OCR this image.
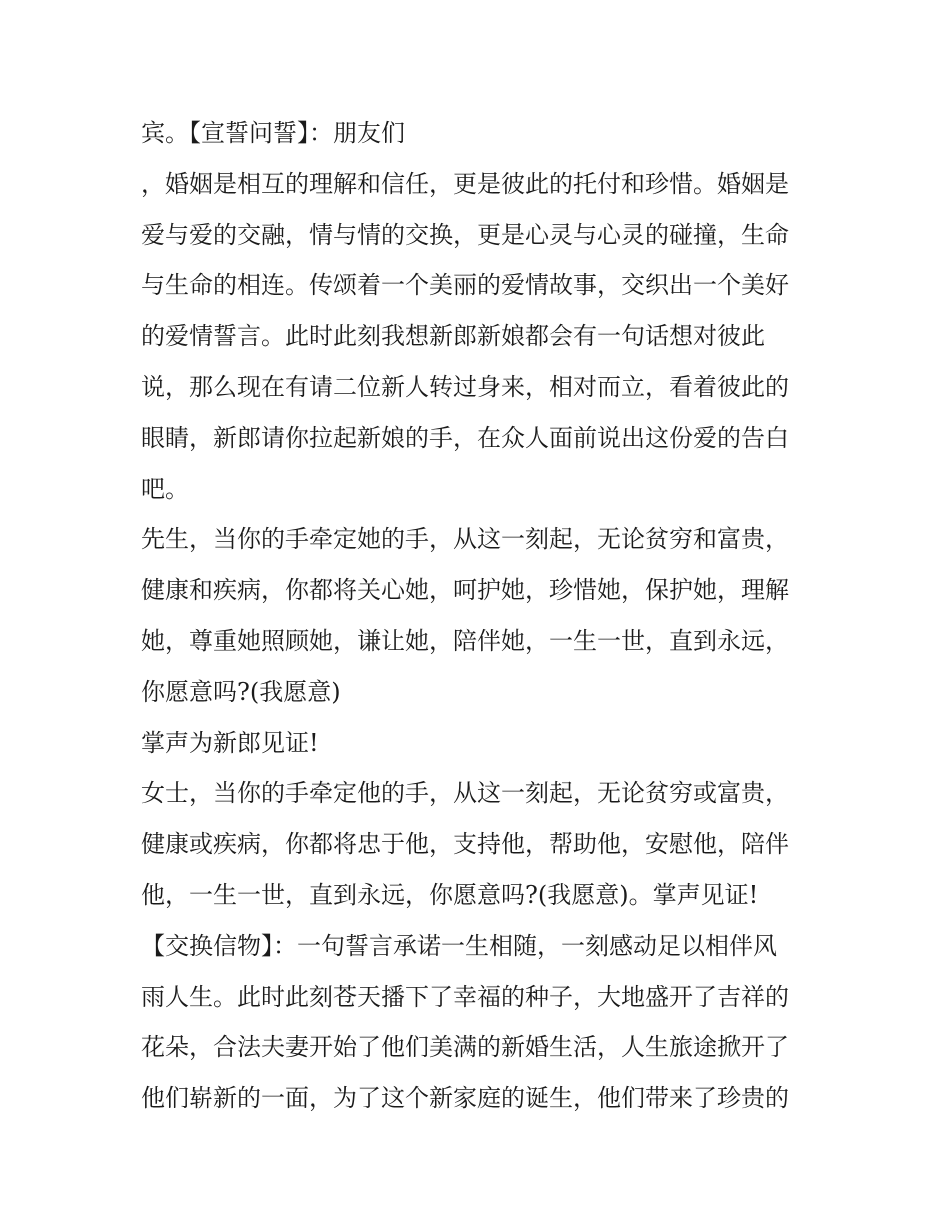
宾。【宣誓问誓】：朋友们
，婚姻是相互的理解和信任，更是彼此的托付和珍惜。婚姻是
爱与爱的交融，情与情的交换，更是心灵与心灵的碰撞，生命
与生命的相连。传颂着一个美丽的爱情故事，交织出一个美好
的爱情誓言。此时此刻我想新郎新娘都会有一句话想对彼此
说，那么现在有请二位新人转过身来，相对而立，看着彼此的
眼睛，新郎请你拉起新娘的手，在众人面前说出这份爱的告白
吧。
先生，当你的手牵定她的手，从这一刻起，无论贫穷和富贵，
健康和疾病，你都将关心她，呵护她，珍惜她，保护她，理解
她，尊重她照顾她，谦让她，陪伴她，一生一世，直到永远，
你愿意吗?(我愿意)
掌声为新郎见证!
女士，当你的手牵定他的手，从这一刻起，无论贫穷或富贵，
健康或疾病，你都将忠于他，支持他，帮助他，安慰他，陪伴
他，一生一世，直到永远，你愿意吗?(我愿意)。掌声见证!
【交换信物】：一句誓言承诺一生相随，一刻感动足以相伴风
雨人生。此时此刻苍天播下了幸福的种子，大地盛开了吉祥的
花朵，合法夫妻开始了他们美满的新婚生活，人生旅途掀开了
他们崭新的一面，为了这个新家庭的诞生，他们带来了珍贵的
